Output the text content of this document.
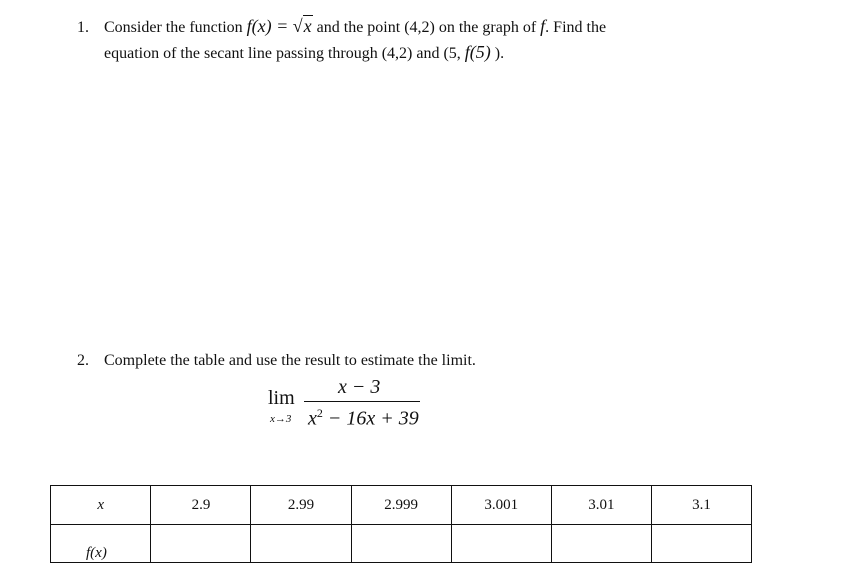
1. Consider the function f(x) = √x and the point (4,2) on the graph of f. Find the
equation of the secant line passing through (4,2) and (5, f(5) ).
2. Complete the table and use the result to estimate the limit.
lim
x→3
x − 3
$x^2 - 16x + 39$
x	2.9	2.99	2.999	3.001	3.01	3.1

f(x)						
